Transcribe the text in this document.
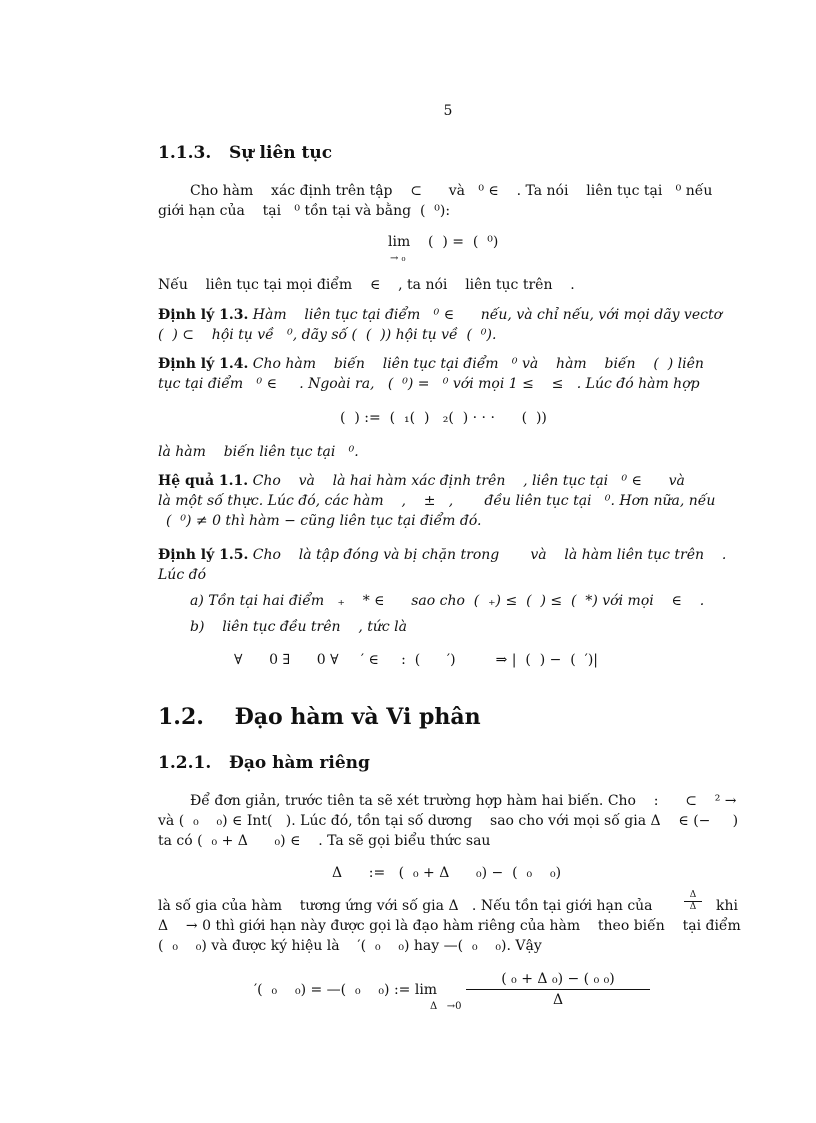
5
1.1.3.   Sự liên tục
Cho hàm    xác định trên tập    ⊂      và   ⁰ ∈    . Ta nói    liên tục tại   ⁰ nếu
giới hạn của    tại   ⁰ tồn tại và bằng  (  ⁰):
lim    (  ) =  (  ⁰)
→ ₀
Nếu    liên tục tại mọi điểm    ∈    , ta nói    liên tục trên    .
Định lý 1.3. Hàm    liên tục tại điểm   ⁰ ∈      nếu, và chỉ nếu, với mọi dãy vectơ
(  ) ⊂    hội tụ về   ⁰, dãy số (  (  )) hội tụ về  (  ⁰).
Định lý 1.4. Cho hàm    biến    liên tục tại điểm   ⁰ và    hàm    biến    (  ) liên
tục tại điểm   ⁰ ∈     . Ngoài ra,   (  ⁰) =   ⁰ với mọi 1 ≤    ≤   . Lúc đó hàm hợp
(  ) :=  (  ₁(  )   ₂(  ) · · ·      (  ))
là hàm    biến liên tục tại   ⁰.
Hệ quả 1.1. Cho    và    là hai hàm xác định trên    , liên tục tại   ⁰ ∈      và
là một số thực. Lúc đó, các hàm    ,    ±   ,       đều liên tục tại   ⁰. Hơn nữa, nếu
(  ⁰) ≠ 0 thì hàm − cũng liên tục tại điểm đó.
Định lý 1.5. Cho    là tập đóng và bị chặn trong       và    là hàm liên tục trên    .
Lúc đó
a) Tồn tại hai điểm   ₊    * ∈      sao cho  (  ₊) ≤  (  ) ≤  (  *) với mọi    ∈    .
b)    liên tục đều trên    , tức là
∀      0 ∃      0 ∀     ′ ∈     :  (      ′)         ⇒ |  (  ) −  (  ′)|
1.2.    Đạo hàm và Vi phân
1.2.1.   Đạo hàm riêng
Để đơn giản, trước tiên ta sẽ xét trường hợp hàm hai biến. Cho    :      ⊂    ² →
và (  ₀    ₀) ∈ Int(   ). Lúc đó, tồn tại số dương    sao cho với mọi số gia Δ    ∈ (−     )
ta có (  ₀ + Δ      ₀) ∈    . Ta sẽ gọi biểu thức sau
Δ      :=   (  ₀ + Δ      ₀) −  (  ₀    ₀)
là số gia của hàm    tương ứng với số gia Δ   . Nếu tồn tại giới hạn của	$\frac{\Delta}{\Delta}$ khi
Δ    → 0 thì giới hạn này được gọi là đạo hàm riêng của hàm    theo biến    tại điểm
(  ₀    ₀) và được ký hiệu là    ′(  ₀    ₀) hay —(  ₀    ₀). Vậy
′(  ₀    ₀) = —(  ₀    ₀) := lim
$\Delta \to 0 \frac{\text{( ₀ + Δ ₀) − ( ₀ ₀)}}{\Delta}$
